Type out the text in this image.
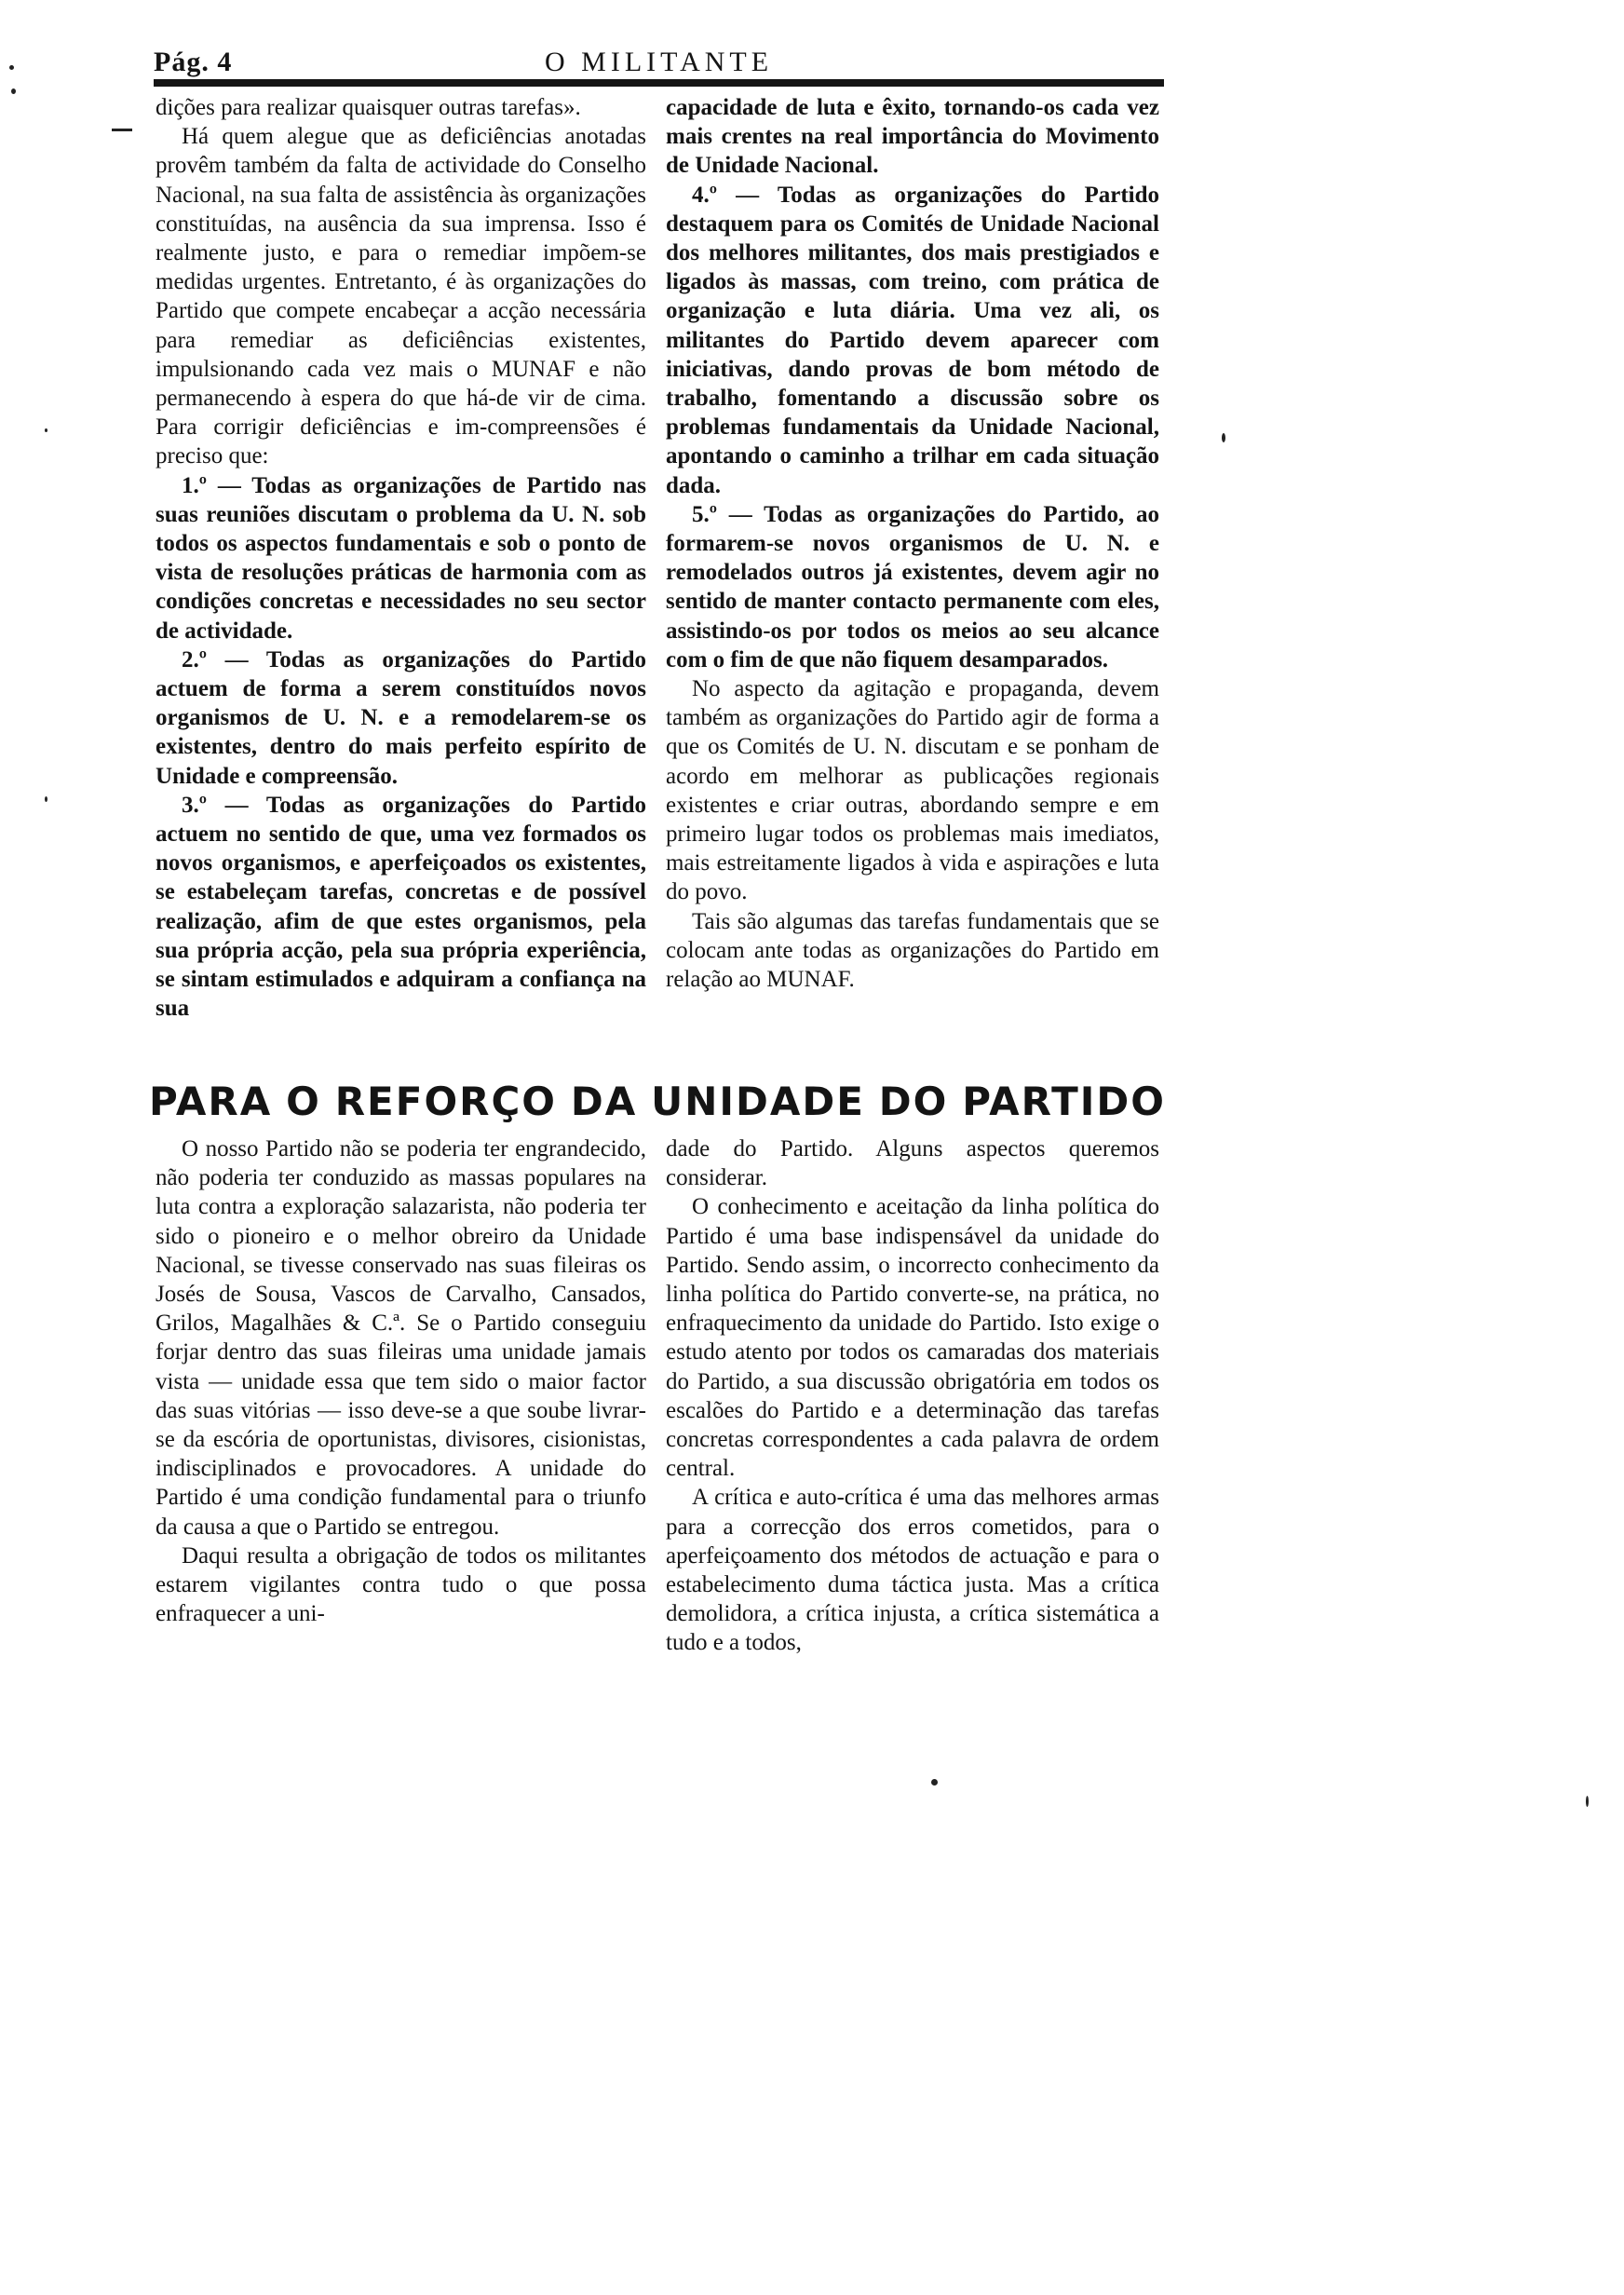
Pág. 4	O MILITANTE

dições para realizar quaisquer outras tarefas».

Há quem alegue que as deficiências anotadas provêm também da falta de actividade do Conselho Nacional, na sua falta de assistência às organizações constituídas, na ausência da sua imprensa. Isso é realmente justo, e para o remediar impõem-se medidas urgentes. Entretanto, é às organizações do Partido que compete encabeçar a acção necessária para remediar as deficiências existentes, impulsionando cada vez mais o MUNAF e não permanecendo à espera do que há-de vir de cima. Para corrigir deficiências e im-compreensões é preciso que:

1.º — Todas as organizações de Partido nas suas reuniões discutam o problema da U. N. sob todos os aspectos fundamentais e sob o ponto de vista de resoluções práticas de harmonia com as condições concretas e necessidades no seu sector de actividade.

2.º — Todas as organizações do Partido actuem de forma a serem constituídos novos organismos de U. N. e a remodelarem-se os existentes, dentro do mais perfeito espírito de Unidade e compreensão.

3.º — Todas as organizações do Partido actuem no sentido de que, uma vez formados os novos organismos, e aperfeiçoados os existentes, se estabeleçam tarefas, concretas e de possível realização, afim de que estes organismos, pela sua própria acção, pela sua própria experiência, se sintam estimulados e adquiram a confiança na sua

capacidade de luta e êxito, tornando-os cada vez mais crentes na real importância do Movimento de Unidade Nacional.

4.º — Todas as organizações do Partido destaquem para os Comités de Unidade Nacional dos melhores militantes, dos mais prestigiados e ligados às massas, com treino, com prática de organização e luta diária. Uma vez ali, os militantes do Partido devem aparecer com iniciativas, dando provas de bom método de trabalho, fomentando a discussão sobre os problemas fundamentais da Unidade Nacional, apontando o caminho a trilhar em cada situação dada.

5.º — Todas as organizações do Partido, ao formarem-se novos organismos de U. N. e remodelados outros já existentes, devem agir no sentido de manter contacto permanente com eles, assistindo-os por todos os meios ao seu alcance com o fim de que não fiquem desamparados.

No aspecto da agitação e propaganda, devem também as organizações do Partido agir de forma a que os Comités de U. N. discutam e se ponham de acordo em melhorar as publicações regionais existentes e criar outras, abordando sempre e em primeiro lugar todos os problemas mais imediatos, mais estreitamente ligados à vida e aspirações e luta do povo.

Tais são algumas das tarefas fundamentais que se colocam ante todas as organizações do Partido em relação ao MUNAF.

PARA O REFORÇO DA UNIDADE DO PARTIDO

O nosso Partido não se poderia ter engrandecido, não poderia ter conduzido as massas populares na luta contra a exploração salazarista, não poderia ter sido o pioneiro e o melhor obreiro da Unidade Nacional, se tivesse conservado nas suas fileiras os Josés de Sousa, Vascos de Carvalho, Cansados, Grilos, Magalhães & C.ª. Se o Partido conseguiu forjar dentro das suas fileiras uma unidade jamais vista — unidade essa que tem sido o maior factor das suas vitórias — isso deve-se a que soube livrar-se da escória de oportunistas, divisores, cisionistas, indisciplinados e provocadores. A unidade do Partido é uma condição fundamental para o triunfo da causa a que o Partido se entregou.

Daqui resulta a obrigação de todos os militantes estarem vigilantes contra tudo o que possa enfraquecer a uni-

dade do Partido. Alguns aspectos queremos considerar.

O conhecimento e aceitação da linha política do Partido é uma base indispensável da unidade do Partido. Sendo assim, o incorrecto conhecimento da linha política do Partido converte-se, na prática, no enfraquecimento da unidade do Partido. Isto exige o estudo atento por todos os camaradas dos materiais do Partido, a sua discussão obrigatória em todos os escalões do Partido e a determinação das tarefas concretas correspondentes a cada palavra de ordem central.

A crítica e auto-crítica é uma das melhores armas para a correcção dos erros cometidos, para o aperfeiçoamento dos métodos de actuação e para o estabelecimento duma táctica justa. Mas a crítica demolidora, a crítica injusta, a crítica sistemática a tudo e a todos,
